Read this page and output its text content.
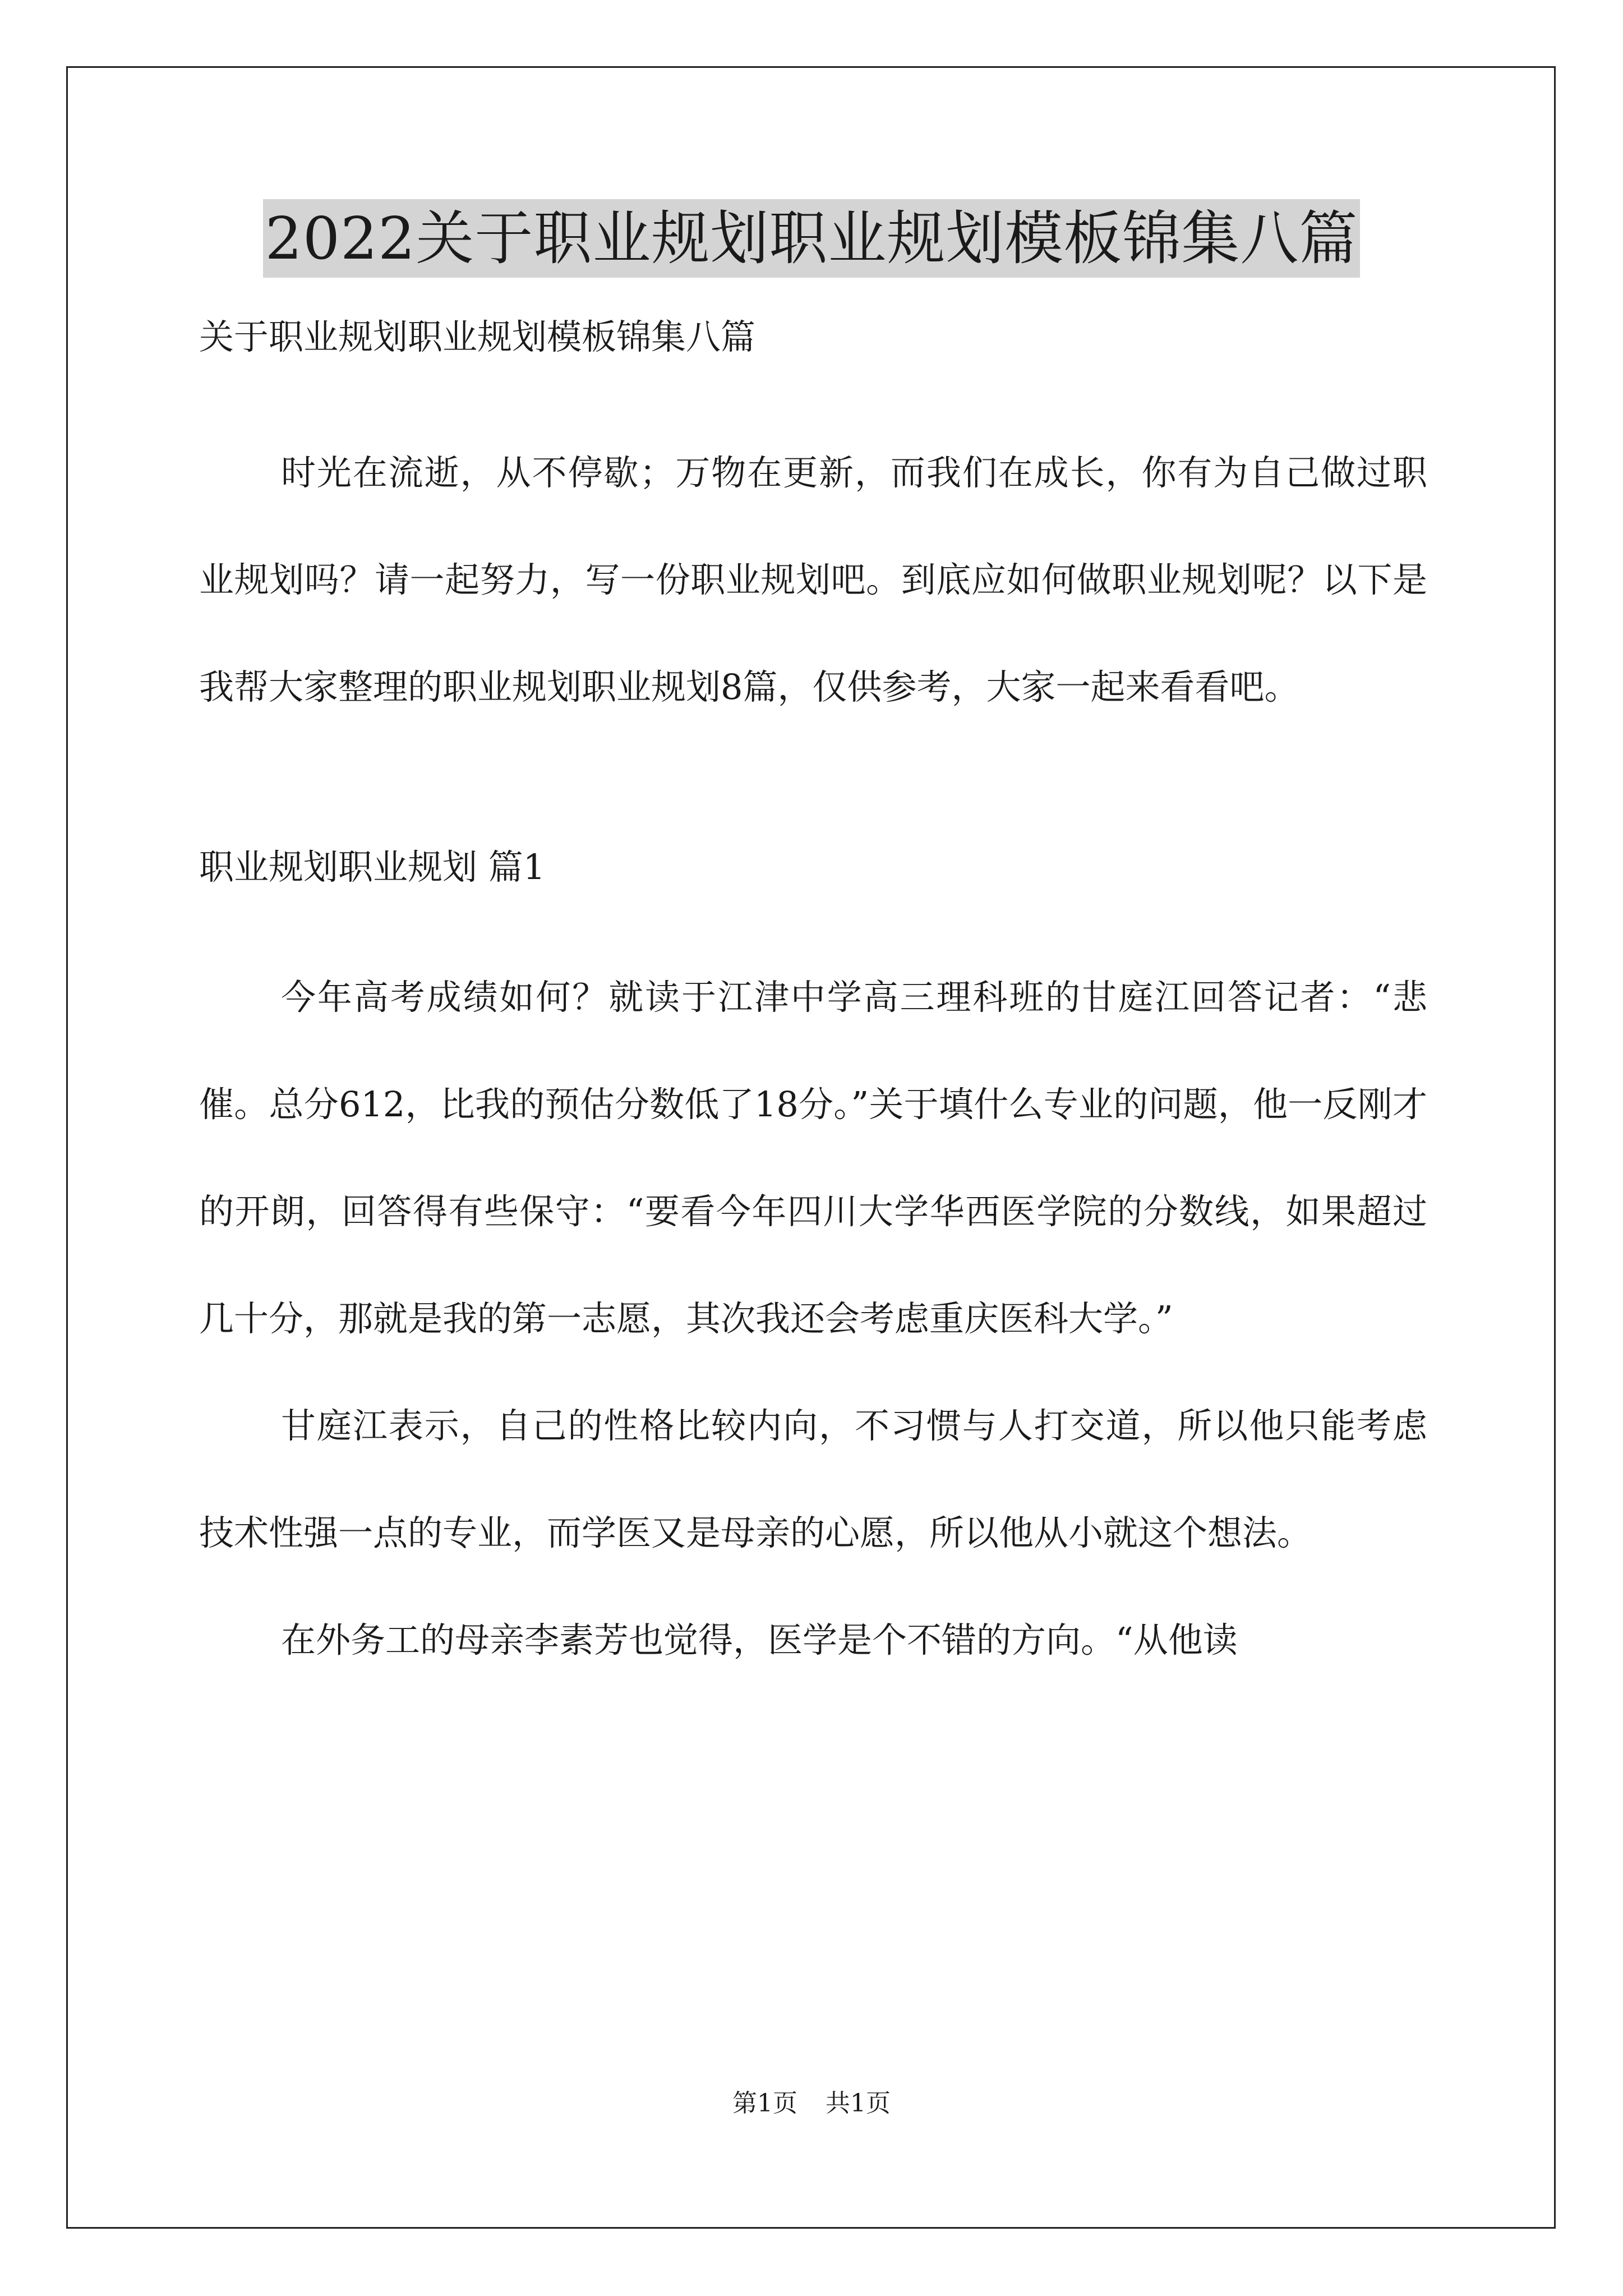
2022关于职业规划职业规划模板锦集八篇
关于职业规划职业规划模板锦集八篇

时光在流逝，从不停歇；万物在更新，而我们在成长，你有为自己做过职业规划吗？请一起努力，写一份职业规划吧。到底应如何做职业规划呢？以下是我帮大家整理的职业规划职业规划8篇，仅供参考，大家一起来看看吧。

职业规划职业规划 篇1

今年高考成绩如何？就读于江津中学高三理科班的甘庭江回答记者：“悲催。总分612，比我的预估分数低了18分。”关于填什么专业的问题，他一反刚才的开朗，回答得有些保守：“要看今年四川大学华西医学院的分数线，如果超过几十分，那就是我的第一志愿，其次我还会考虑重庆医科大学。”

甘庭江表示，自己的性格比较内向，不习惯与人打交道，所以他只能考虑技术性强一点的专业，而学医又是母亲的心愿，所以他从小就这个想法。

在外务工的母亲李素芳也觉得，医学是个不错的方向。“从他读

第1页 共1页
